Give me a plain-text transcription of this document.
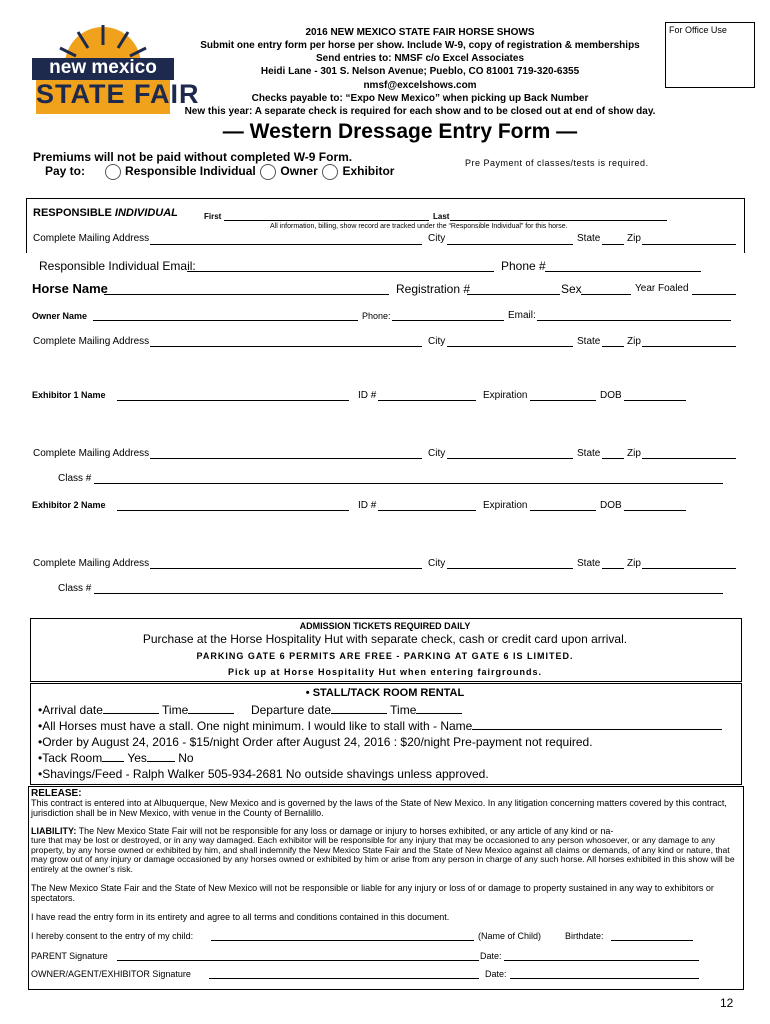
new mexico
STATE FAIR
For Office Use
2016 NEW MEXICO STATE FAIR HORSE SHOWS
Submit one entry form per horse per show. Include W-9, copy of registration & memberships
Send entries to: NMSF c/o Excel Associates
Heidi Lane - 301 S. Nelson Avenue; Pueblo, CO 81001 719-320-6355
nmsf@excelshows.com
Checks payable to: “Expo New Mexico” when picking up Back Number
New this year: A separate check is required for each show and to be closed out at end of show day.
— Western Dressage Entry Form —
Premiums will not be paid without completed W-9 Form.
Pay to:	Responsible Individual Owner Exhibitor
Pre Payment of classes/tests is required.
RESPONSIBLE INDIVIDUAL	First	Last
All information, billing, show record are tracked under the “Responsible Individual” for this horse.
Complete Mailing Address	City	State	Zip
Responsible Individual Email:	Phone #
Horse Name	Registration #	Sex	Year Foaled
Owner Name	Phone:	Email:
Complete Mailing Address	City	State	Zip
Exhibitor 1 Name	ID #	Expiration	DOB
Complete Mailing Address	City	State	Zip
Class #
Exhibitor 2 Name	ID #	Expiration	DOB
Complete Mailing Address	City	State	Zip
Class #
ADMISSION TICKETS REQUIRED DAILY
Purchase at the Horse Hospitality Hut with separate check, cash or credit card upon arrival.
PARKING GATE 6 PERMITS ARE FREE - PARKING AT GATE 6 IS LIMITED.
Pick up at Horse Hospitality Hut when entering fairgrounds.
• STALL/TACK ROOM RENTAL
•Arrival date	Time	Departure date	Time
•All Horses must have a stall. One night minimum. I would like to stall with - Name
•Order by August 24, 2016 - $15/night Order after August 24, 2016 : $20/night Pre-payment not required.
•Tack Room Yes	No
•Shavings/Feed - Ralph Walker 505-934-2681 No outside shavings unless approved.
RELEASE:
This contract is entered into at Albuquerque, New Mexico and is governed by the laws of the State of New Mexico. In any litigation concerning matters covered by this contract, jurisdiction shall be in New Mexico, with venue in the County of Bernalillo.
LIABILITY: The New Mexico State Fair will not be responsible for any loss or damage or injury to horses exhibited, or any article of any kind or na-
ture that may be lost or destroyed, or in any way damaged. Each exhibitor will be responsible for any injury that may be occasioned to any person whosoever, or any damage to any property, by any horse owned or exhibited by him, and shall indemnify the New Mexico State Fair and the State of New Mexico against all claims or demands, of any kind or nature, that may grow out of any injury or damage occasioned by any horses owned or exhibited by him or arise from any person in charge of any such horse. All horses exhibited in this show will be entirely at the owner’s risk.
The New Mexico State Fair and the State of New Mexico will not be responsible or liable for any injury or loss of or damage to property sustained in any way to exhibitors or spectators.
I have read the entry form in its entirety and agree to all terms and conditions contained in this document.
I hereby consent to the entry of my child:	(Name of Child)	Birthdate:
PARENT Signature	Date:
OWNER/AGENT/EXHIBITOR Signature	Date:
12
